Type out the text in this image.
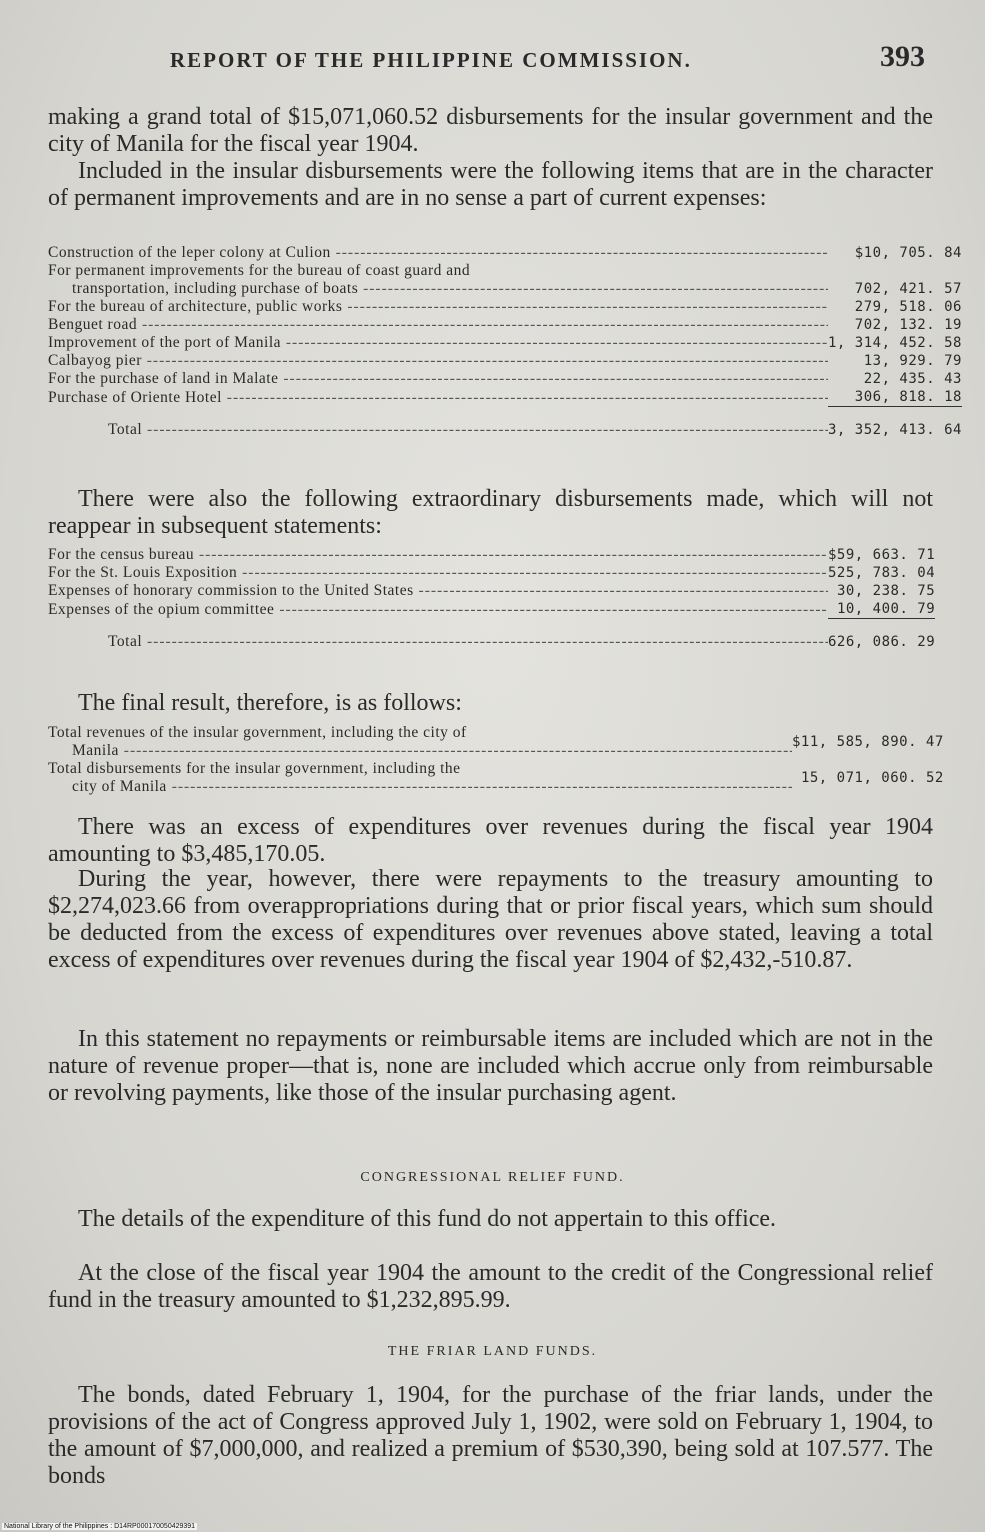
REPORT OF THE PHILIPPINE COMMISSION.	393
making a grand total of $15,071,060.52 disbursements for the insular government and the city of Manila for the fiscal year 1904.
Included in the insular disbursements were the following items that are in the character of permanent improvements and are in no sense a part of current expenses:
Construction of the leper colony at Culion -----	$10, 705. 84
For permanent improvements for the bureau of coast guard and	
transportation, including purchase of boats -----	702, 421. 57
For the bureau of architecture, public works -----	279, 518. 06
Benguet road -----	702, 132. 19
Improvement of the port of Manila -----	1, 314, 452. 58
Calbayog pier -----	13, 929. 79
For the purchase of land in Malate -----	22, 435. 43
Purchase of Oriente Hotel -----	306, 818. 18
Total -----	3, 352, 413. 64
There were also the following extraordinary disbursements made, which will not reappear in subsequent statements:
For the census bureau -----	$59, 663. 71
For the St. Louis Exposition -----	525, 783. 04
Expenses of honorary commission to the United States -----	30, 238. 75
Expenses of the opium committee -----	10, 400. 79
Total -----	626, 086. 29
The final result, therefore, is as follows:
Total revenues of the insular government, including the city of	$11, 585, 890. 47
Manila -----
Total disbursements for the insular government, including the	15, 071, 060. 52
city of Manila -----
There was an excess of expenditures over revenues during the fiscal year 1904 amounting to $3,485,170.05.
During the year, however, there were repayments to the treasury amounting to $2,274,023.66 from overappropriations during that or prior fiscal years, which sum should be deducted from the excess of expenditures over revenues above stated, leaving a total excess of expenditures over revenues during the fiscal year 1904 of $2,432,-510.87.
In this statement no repayments or reimbursable items are included which are not in the nature of revenue proper—that is, none are included which accrue only from reimbursable or revolving payments, like those of the insular purchasing agent.
CONGRESSIONAL RELIEF FUND.
The details of the expenditure of this fund do not appertain to this office.
At the close of the fiscal year 1904 the amount to the credit of the Congressional relief fund in the treasury amounted to $1,232,895.99.
THE FRIAR LAND FUNDS.
The bonds, dated February 1, 1904, for the purchase of the friar lands, under the provisions of the act of Congress approved July 1, 1902, were sold on February 1, 1904, to the amount of $7,000,000, and realized a premium of $530,390, being sold at 107.577. The bonds
National Library of the Philippines : D14RP000170050429391
